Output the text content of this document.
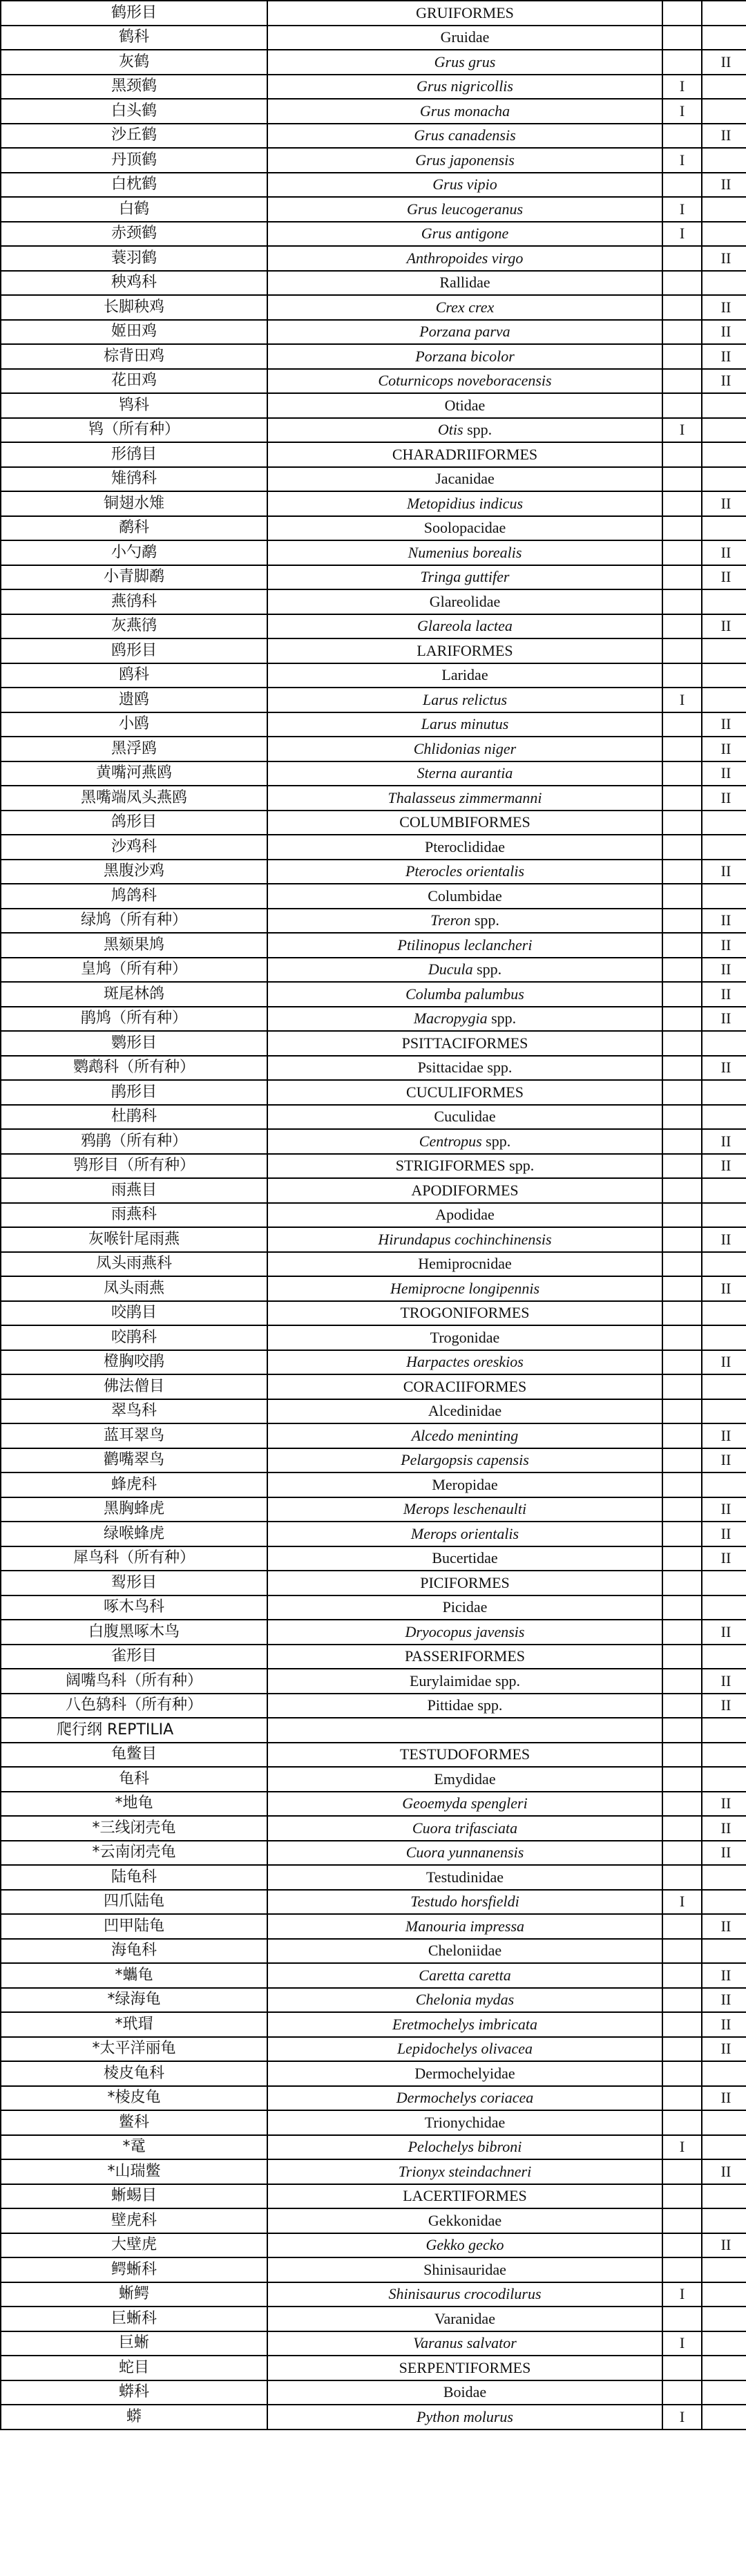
鹤形目	GRUIFORMES	

鹤科	Gruidae	

灰鹤	Grus grus	II

黑颈鹤	Grus nigricollis	I

白头鹤	Grus monacha	I

沙丘鹤	Grus canadensis	II

丹顶鹤	Grus japonensis	I

白枕鹤	Grus vipio	II

白鹤	Grus leucogeranus	I

赤颈鹤	Grus antigone	I

蓑羽鹤	Anthropoides virgo	II

秧鸡科	Rallidae	

长脚秧鸡	Crex crex	II

姬田鸡	Porzana parva	II

棕背田鸡	Porzana bicolor	II

花田鸡	Coturnicops noveboracensis	II

鸨科	Otidae	

鸨（所有种）	Otis spp.	I

形鸻目	CHARADRIIFORMES	

雉鸻科	Jacanidae	

铜翅水雉	Metopidius indicus	II

鹬科	Soolopacidae	

小勺鹬	Numenius borealis	II

小青脚鹬	Tringa guttifer	II

燕鸻科	Glareolidae	

灰燕鸻	Glareola lactea	II

鸥形目	LARIFORMES	

鸥科	Laridae	

遗鸥	Larus relictus	I

小鸥	Larus minutus	II

黑浮鸥	Chlidonias niger	II

黄嘴河燕鸥	Sterna aurantia	II

黑嘴端凤头燕鸥	Thalasseus zimmermanni	II

鸽形目	COLUMBIFORMES	

沙鸡科	Pteroclididae	

黑腹沙鸡	Pterocles orientalis	II

鸠鸽科	Columbidae	

绿鸠（所有种）	Treron spp.	II

黑颏果鸠	Ptilinopus leclancheri	II

皇鸠（所有种）	Ducula spp.	II

斑尾林鸽	Columba palumbus	II

鹃鸠（所有种）	Macropygia spp.	II

鹦形目	PSITTACIFORMES	

鹦鹉科（所有种）	Psittacidae spp.	II

鹃形目	CUCULIFORMES	

杜鹃科	Cuculidae	

鸦鹃（所有种）	Centropus spp.	II

鸮形目（所有种）	STRIGIFORMES spp.	II

雨燕目	APODIFORMES	

雨燕科	Apodidae	

灰喉针尾雨燕	Hirundapus cochinchinensis	II

凤头雨燕科	Hemiprocnidae	

凤头雨燕	Hemiprocne longipennis	II

咬鹃目	TROGONIFORMES	

咬鹃科	Trogonidae	

橙胸咬鹃	Harpactes oreskios	II

佛法僧目	CORACIIFORMES	

翠鸟科	Alcedinidae	

蓝耳翠鸟	Alcedo meninting	II

鹳嘴翠鸟	Pelargopsis capensis	II

蜂虎科	Meropidae	

黑胸蜂虎	Merops leschenaulti	II

绿喉蜂虎	Merops orientalis	II

犀鸟科（所有种）	Bucertidae	II

䴕形目	PICIFORMES	

啄木鸟科	Picidae	

白腹黑啄木鸟	Dryocopus javensis	II

雀形目	PASSERIFORMES	

阔嘴鸟科（所有种）	Eurylaimidae spp.	II

八色鸫科（所有种）	Pittidae spp.	II

爬行纲 REPTILIA		

龟鳖目	TESTUDOFORMES	

龟科	Emydidae	

*地龟	Geoemyda spengleri	II

*三线闭壳龟	Cuora trifasciata	II

*云南闭壳龟	Cuora yunnanensis	II

陆龟科	Testudinidae	

四爪陆龟	Testudo horsfieldi	I

凹甲陆龟	Manouria impressa	II

海龟科	Cheloniidae	

*蠵龟	Caretta caretta	II

*绿海龟	Chelonia mydas	II

*玳瑁	Eretmochelys imbricata	II

*太平洋丽龟	Lepidochelys olivacea	II

棱皮龟科	Dermochelyidae	

*棱皮龟	Dermochelys coriacea	II

鳖科	Trionychidae	

*鼋	Pelochelys bibroni	I

*山瑞鳖	Trionyx steindachneri	II

蜥蜴目	LACERTIFORMES	

壁虎科	Gekkonidae	

大壁虎	Gekko gecko	II

鳄蜥科	Shinisauridae	

蜥鳄	Shinisaurus crocodilurus	I

巨蜥科	Varanidae	

巨蜥	Varanus salvator	I

蛇目	SERPENTIFORMES	

蟒科	Boidae	

蟒	Python molurus	I
